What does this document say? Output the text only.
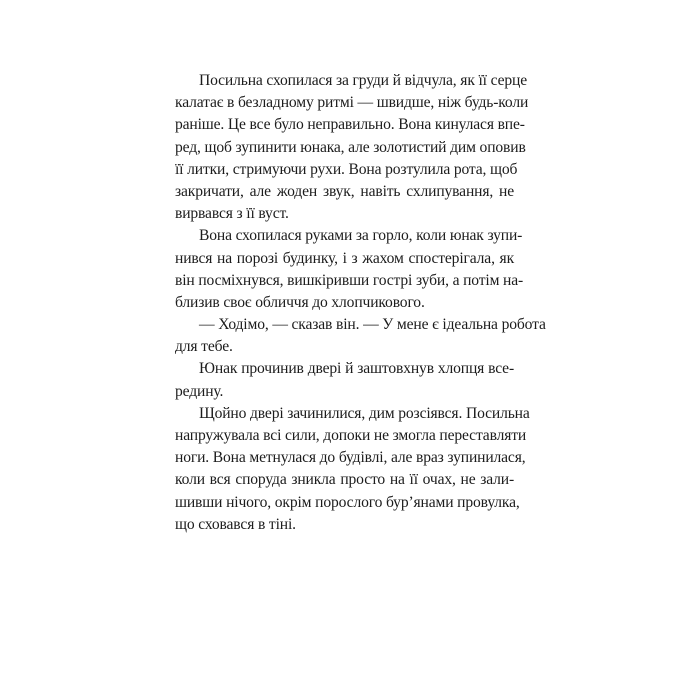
Посильна схопилася за груди й відчула, як її серце
калатає в безладному ритмі — швидше, ніж будь-коли
раніше. Це все було неправильно. Вона кинулася впе-
ред, щоб зупинити юнака, але золотистий дим оповив
її литки, стримуючи рухи. Вона розтулила рота, щоб
закричати, але жоден звук, навіть схлипування, не
вирвався з її вуст.
Вона схопилася руками за горло, коли юнак зупи-
нився на порозі будинку, і з жахом спостерігала, як
він посміхнувся, вишкіривши гострі зуби, а потім на-
близив своє обличчя до хлопчикового.
— Ходімо, — сказав він. — У мене є ідеальна робота
для тебе.
Юнак прочинив двері й заштовхнув хлопця все-
редину.
Щойно двері зачинилися, дим розсіявся. Посильна
напружувала всі сили, допоки не змогла переставляти
ноги. Вона метнулася до будівлі, але враз зупинилася,
коли вся споруда зникла просто на її очах, не зали-
шивши нічого, окрім порослого бур’янами провулка,
що сховався в тіні.
